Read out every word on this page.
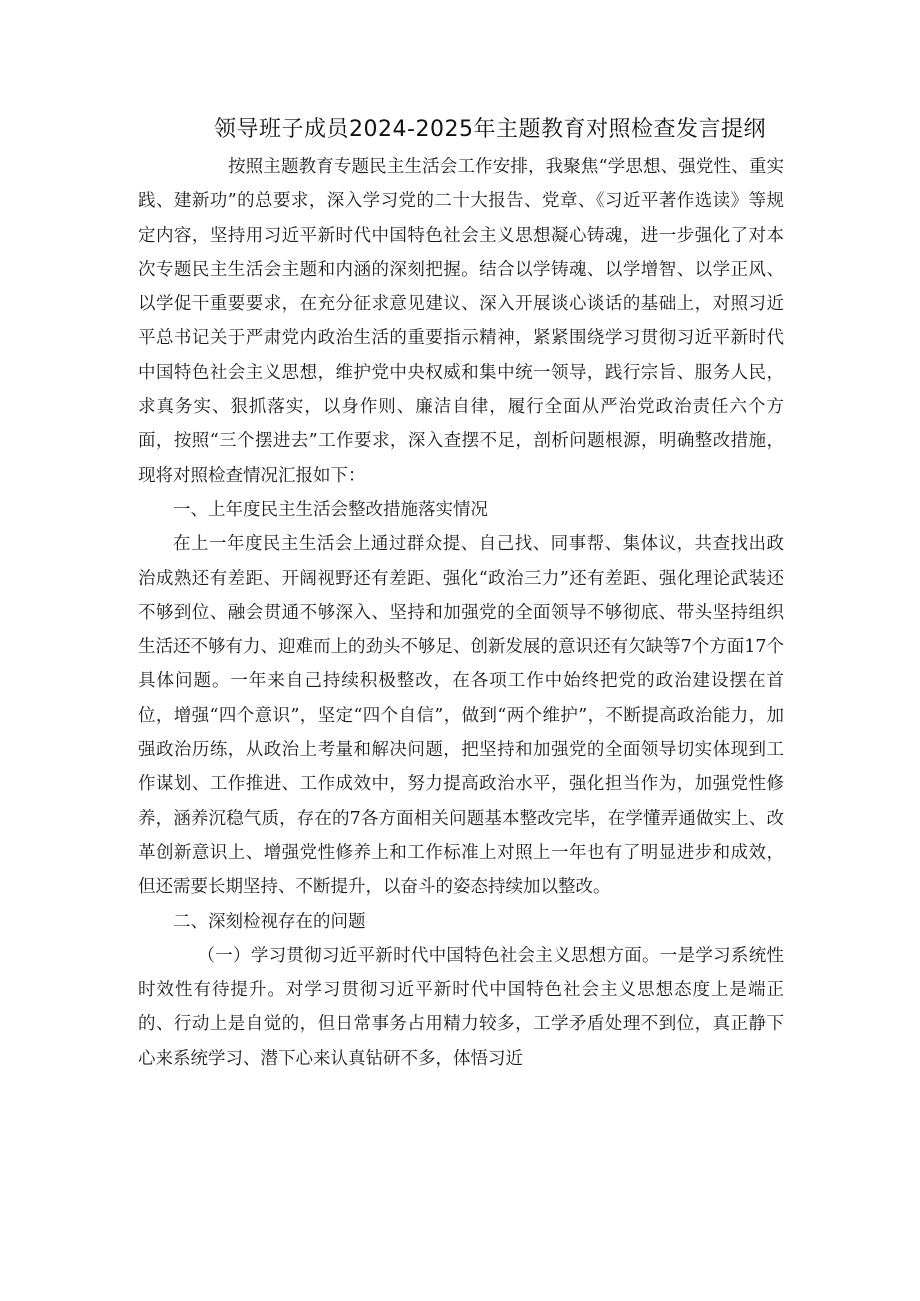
领导班子成员2024-2025年主题教育对照检查发言提纲

按照主题教育专题民主生活会工作安排，我聚焦“学思想、强党性、重实践、建新功”的总要求，深入学习党的二十大报告、党章、《习近平著作选读》等规定内容，坚持用习近平新时代中国特色社会主义思想凝心铸魂，进一步强化了对本次专题民主生活会主题和内涵的深刻把握。结合以学铸魂、以学增智、以学正风、以学促干重要要求，在充分征求意见建议、深入开展谈心谈话的基础上，对照习近平总书记关于严肃党内政治生活的重要指示精神，紧紧围绕学习贯彻习近平新时代中国特色社会主义思想，维护党中央权威和集中统一领导，践行宗旨、服务人民，求真务实、狠抓落实，以身作则、廉洁自律，履行全面从严治党政治责任六个方面，按照“三个摆进去”工作要求，深入查摆不足，剖析问题根源，明确整改措施，现将对照检查情况汇报如下：

一、上年度民主生活会整改措施落实情况

在上一年度民主生活会上通过群众提、自己找、同事帮、集体议，共查找出政治成熟还有差距、开阔视野还有差距、强化“政治三力”还有差距、强化理论武装还不够到位、融会贯通不够深入、坚持和加强党的全面领导不够彻底、带头坚持组织生活还不够有力、迎难而上的劲头不够足、创新发展的意识还有欠缺等7个方面17个具体问题。一年来自己持续积极整改，在各项工作中始终把党的政治建设摆在首位，增强“四个意识”，坚定“四个自信”，做到“两个维护”，不断提高政治能力，加强政治历练，从政治上考量和解决问题，把坚持和加强党的全面领导切实体现到工作谋划、工作推进、工作成效中，努力提高政治水平，强化担当作为，加强党性修养，涵养沉稳气质，存在的7各方面相关问题基本整改完毕，在学懂弄通做实上、改革创新意识上、增强党性修养上和工作标准上对照上一年也有了明显进步和成效，但还需要长期坚持、不断提升，以奋斗的姿态持续加以整改。

二、深刻检视存在的问题

（一）学习贯彻习近平新时代中国特色社会主义思想方面。一是学习系统性时效性有待提升。对学习贯彻习近平新时代中国特色社会主义思想态度上是端正的、行动上是自觉的，但日常事务占用精力较多，工学矛盾处理不到位，真正静下心来系统学习、潜下心来认真钻研不多，体悟习近
